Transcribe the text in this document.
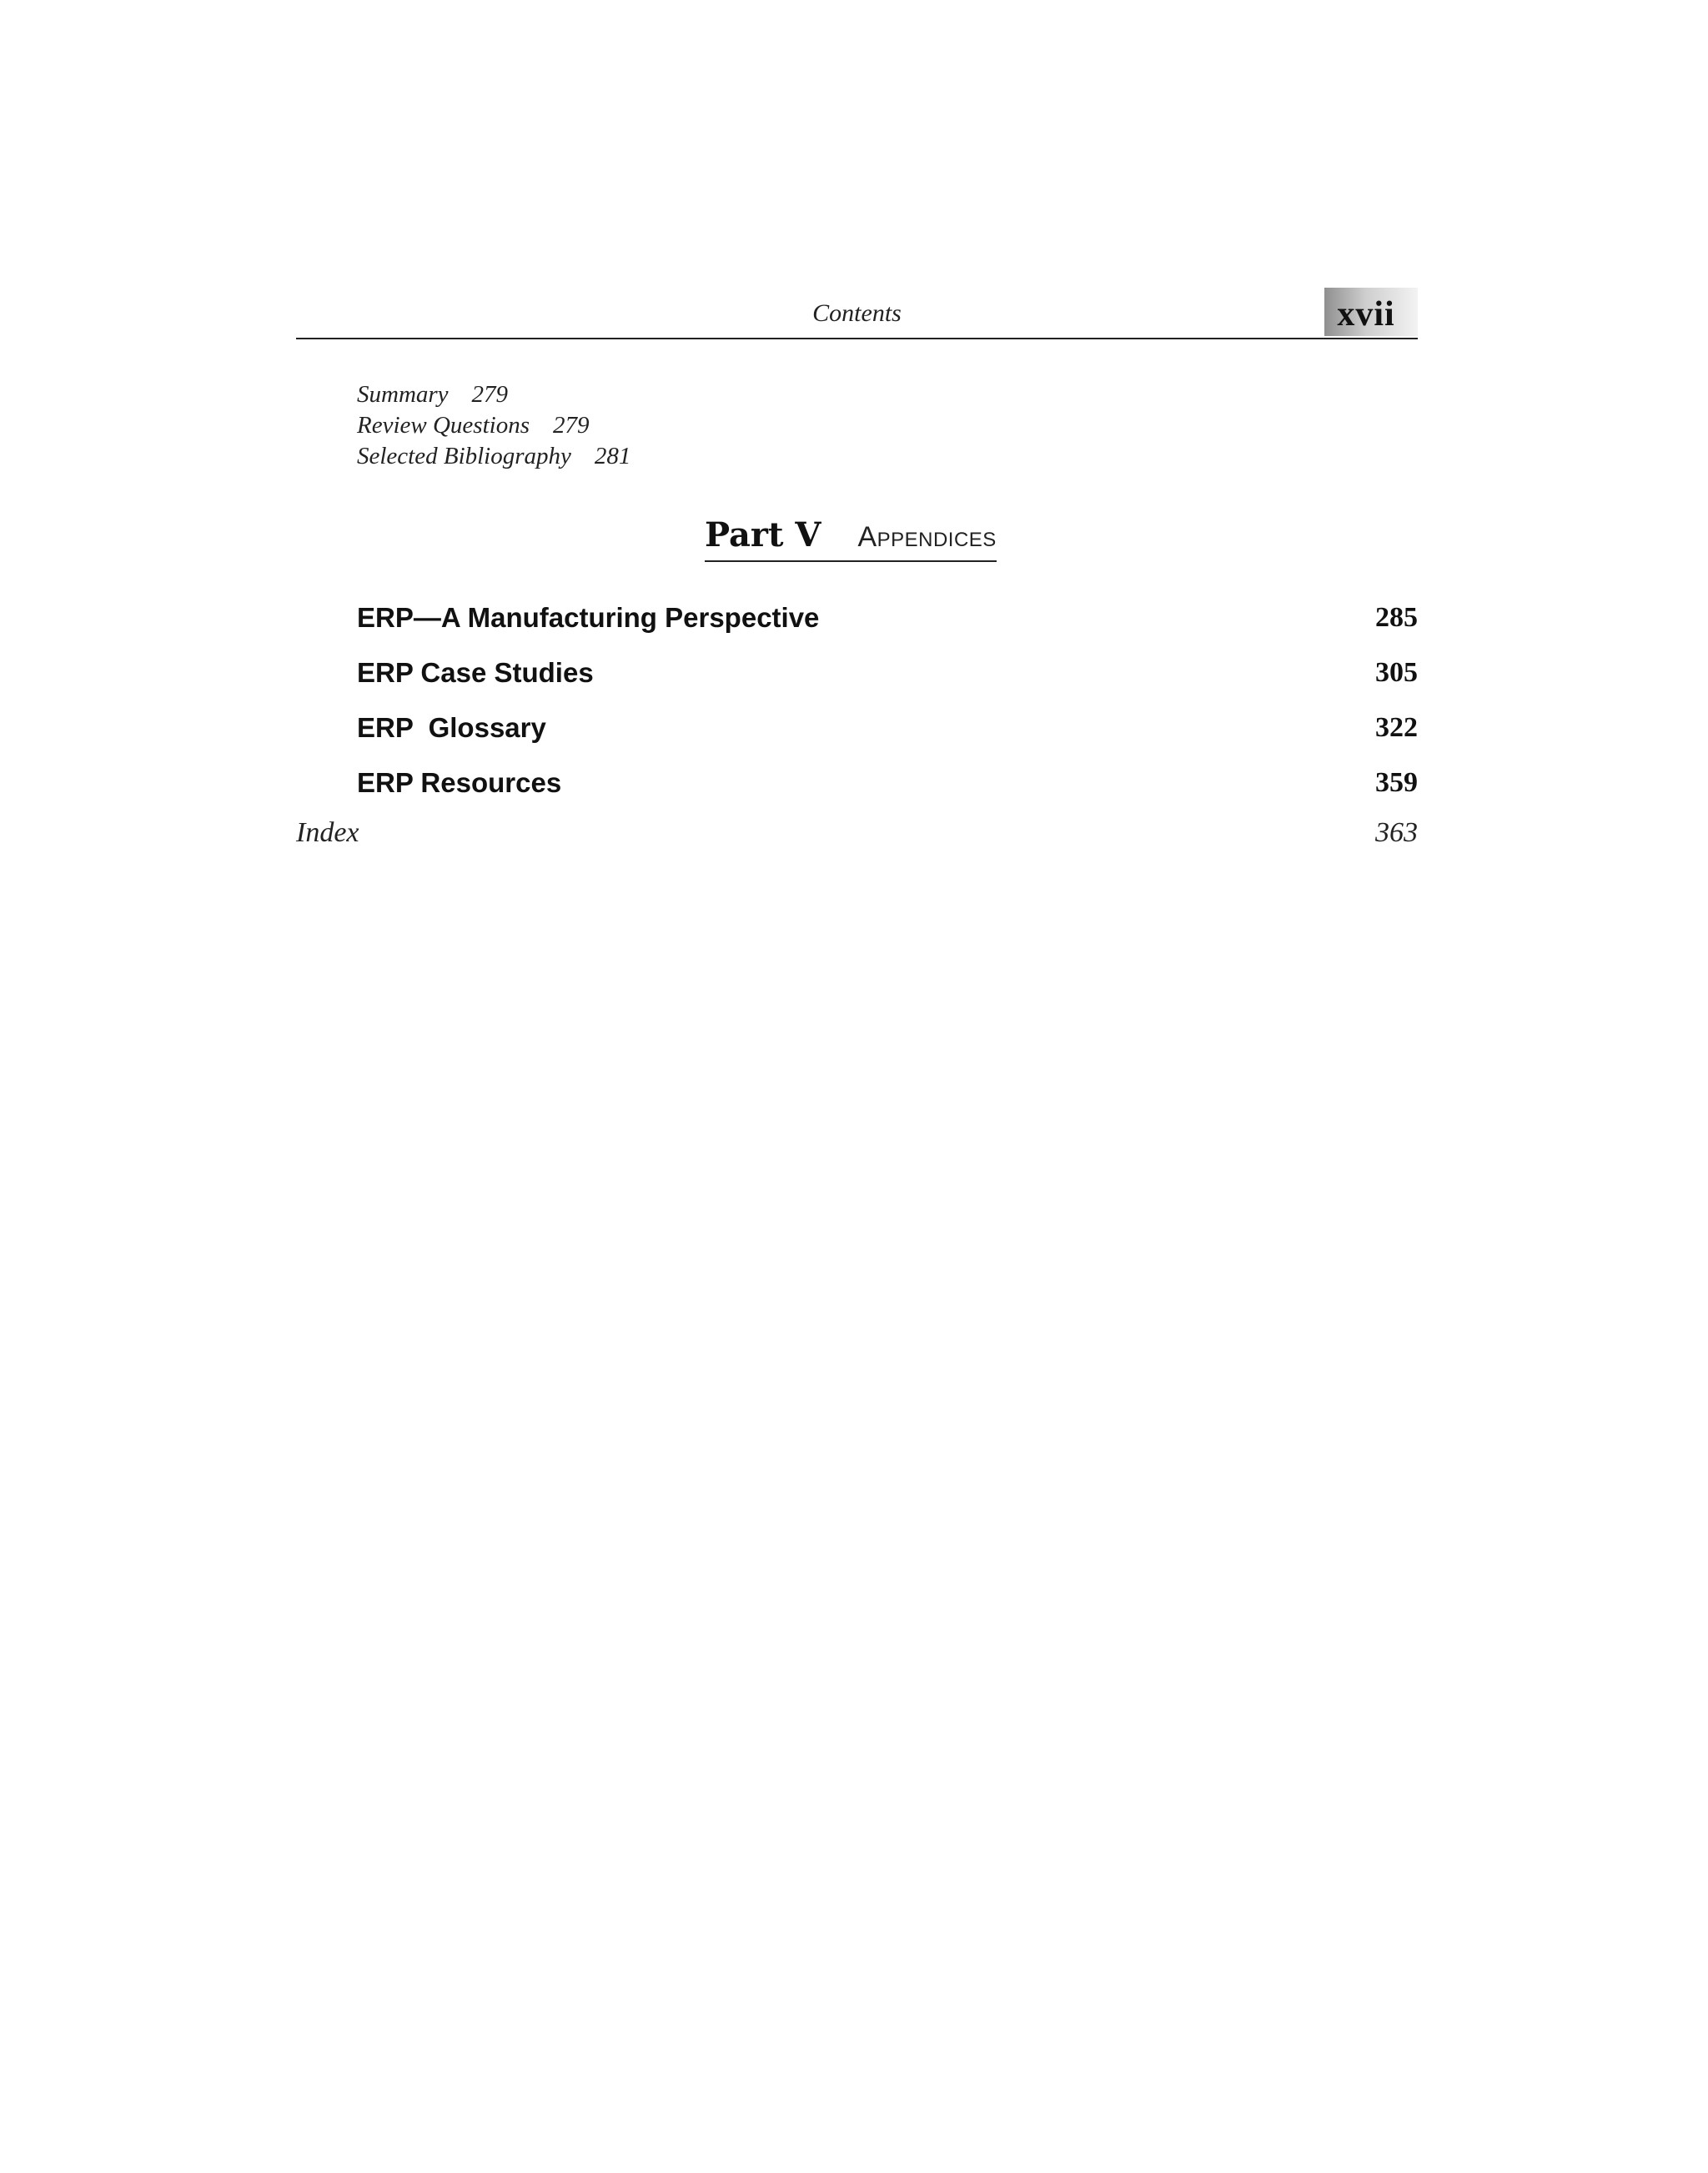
Contents	xvii
Summary 279
Review Questions 279
Selected Bibliography 281
Part V Appendices
ERP—A Manufacturing Perspective	285
ERP Case Studies	305
ERP  Glossary	322
ERP Resources	359
Index	363
